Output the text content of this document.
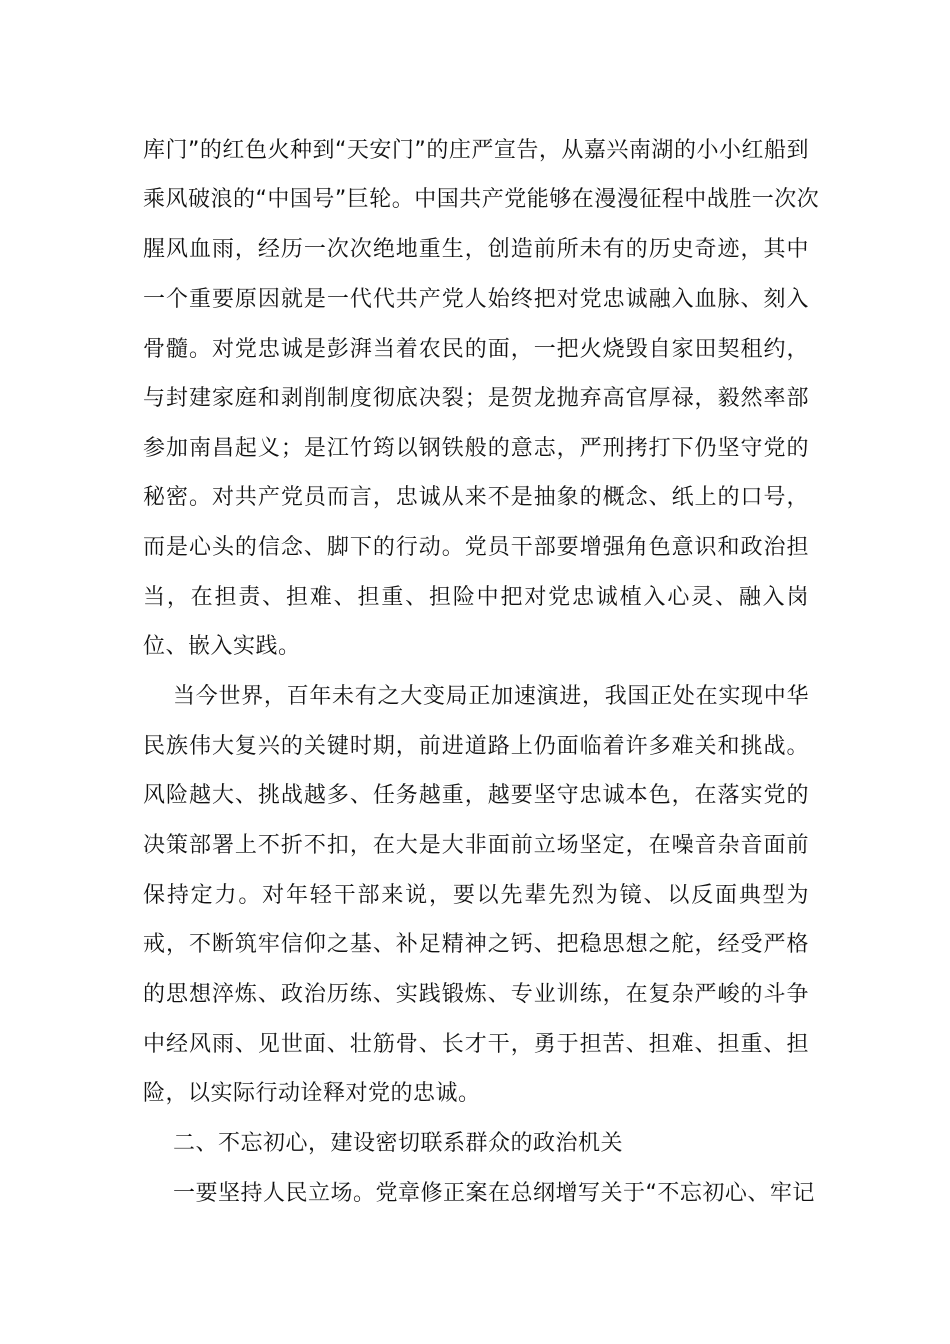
库门”的红色火种到“天安门”的庄严宣告，从嘉兴南湖的小小红船到
乘风破浪的“中国号”巨轮。中国共产党能够在漫漫征程中战胜一次次
腥风血雨，经历一次次绝地重生，创造前所未有的历史奇迹，其中
一个重要原因就是一代代共产党人始终把对党忠诚融入血脉、刻入
骨髓。对党忠诚是彭湃当着农民的面，一把火烧毁自家田契租约，
与封建家庭和剥削制度彻底决裂；是贺龙抛弃高官厚禄，毅然率部
参加南昌起义；是江竹筠以钢铁般的意志，严刑拷打下仍坚守党的
秘密。对共产党员而言，忠诚从来不是抽象的概念、纸上的口号，
而是心头的信念、脚下的行动。党员干部要增强角色意识和政治担
当，在担责、担难、担重、担险中把对党忠诚植入心灵、融入岗
位、嵌入实践。
当今世界，百年未有之大变局正加速演进，我国正处在实现中华
民族伟大复兴的关键时期，前进道路上仍面临着许多难关和挑战。
风险越大、挑战越多、任务越重，越要坚守忠诚本色，在落实党的
决策部署上不折不扣，在大是大非面前立场坚定，在噪音杂音面前
保持定力。对年轻干部来说，要以先辈先烈为镜、以反面典型为
戒，不断筑牢信仰之基、补足精神之钙、把稳思想之舵，经受严格
的思想淬炼、政治历练、实践锻炼、专业训练，在复杂严峻的斗争
中经风雨、见世面、壮筋骨、长才干，勇于担苦、担难、担重、担
险，以实际行动诠释对党的忠诚。
二、不忘初心，建设密切联系群众的政治机关
一要坚持人民立场。党章修正案在总纲增写关于“不忘初心、牢记
